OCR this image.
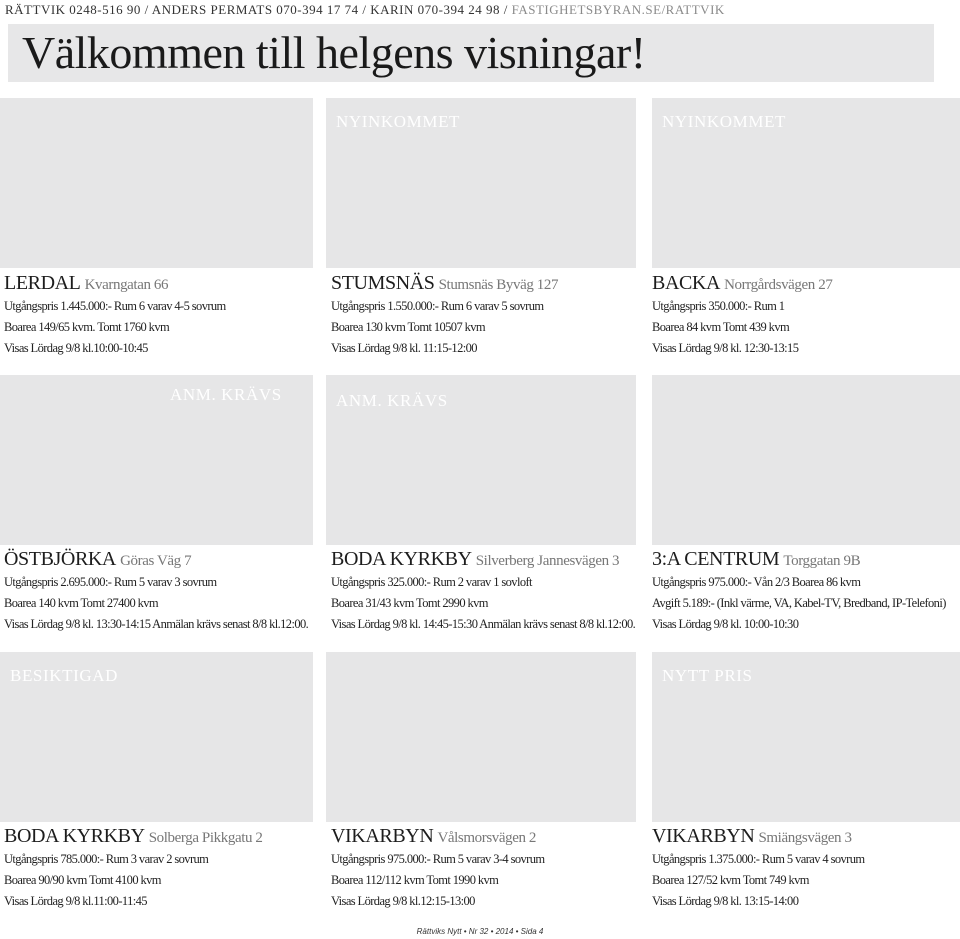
RÄTTVIK 0248-516 90 / ANDERS PERMATS 070-394 17 74 / KARIN 070-394 24 98 / FASTIGHETSBYRAN.SE/RATTVIK
Välkommen till helgens visningar!
NYINKOMMET	NYINKOMMET
LERDAL Kvarngatan 66
Utgångspris 1.445.000:- Rum 6 varav 4-5 sovrum
Boarea 149/65 kvm. Tomt 1760 kvm
Visas Lördag 9/8 kl.10:00-10:45
STUMSNÄS Stumsnäs Byväg 127
Utgångspris 1.550.000:- Rum 6 varav 5 sovrum
Boarea 130 kvm Tomt 10507 kvm
Visas Lördag 9/8 kl. 11:15-12:00
BACKA Norrgårdsvägen 27
Utgångspris 350.000:- Rum 1
Boarea 84 kvm Tomt 439 kvm
Visas Lördag 9/8 kl. 12:30-13:15
ANM. KRÄVS	ANM. KRÄVS
ÖSTBJÖRKA Göras Väg 7
Utgångspris 2.695.000:- Rum 5 varav 3 sovrum
Boarea 140 kvm Tomt 27400 kvm
Visas Lördag 9/8 kl. 13:30-14:15 Anmälan krävs senast 8/8 kl.12:00.
BODA KYRKBY Silverberg Jannesvägen 3
Utgångspris 325.000:- Rum 2 varav 1 sovloft
Boarea 31/43 kvm Tomt 2990 kvm
Visas Lördag 9/8 kl. 14:45-15:30 Anmälan krävs senast 8/8 kl.12:00.
3:A CENTRUM Torggatan 9B
Utgångspris 975.000:- Vån 2/3 Boarea 86 kvm
Avgift 5.189:- (Inkl värme, VA, Kabel-TV, Bredband, IP-Telefoni)
Visas Lördag 9/8 kl. 10:00-10:30
BESIKTIGAD	NYTT PRIS
BODA KYRKBY Solberga Pikkgatu 2
Utgångspris 785.000:- Rum 3 varav 2 sovrum
Boarea 90/90 kvm Tomt 4100 kvm
Visas Lördag 9/8 kl.11:00-11:45
VIKARBYN Vålsmorsvägen 2
Utgångspris 975.000:- Rum 5 varav 3-4 sovrum
Boarea 112/112 kvm Tomt 1990 kvm
Visas Lördag 9/8 kl.12:15-13:00
VIKARBYN Smiängsvägen 3
Utgångspris 1.375.000:- Rum 5 varav 4 sovrum
Boarea 127/52 kvm Tomt 749 kvm
Visas Lördag 9/8 kl. 13:15-14:00
Rättviks Nytt • Nr 32 • 2014 • Sida 4
